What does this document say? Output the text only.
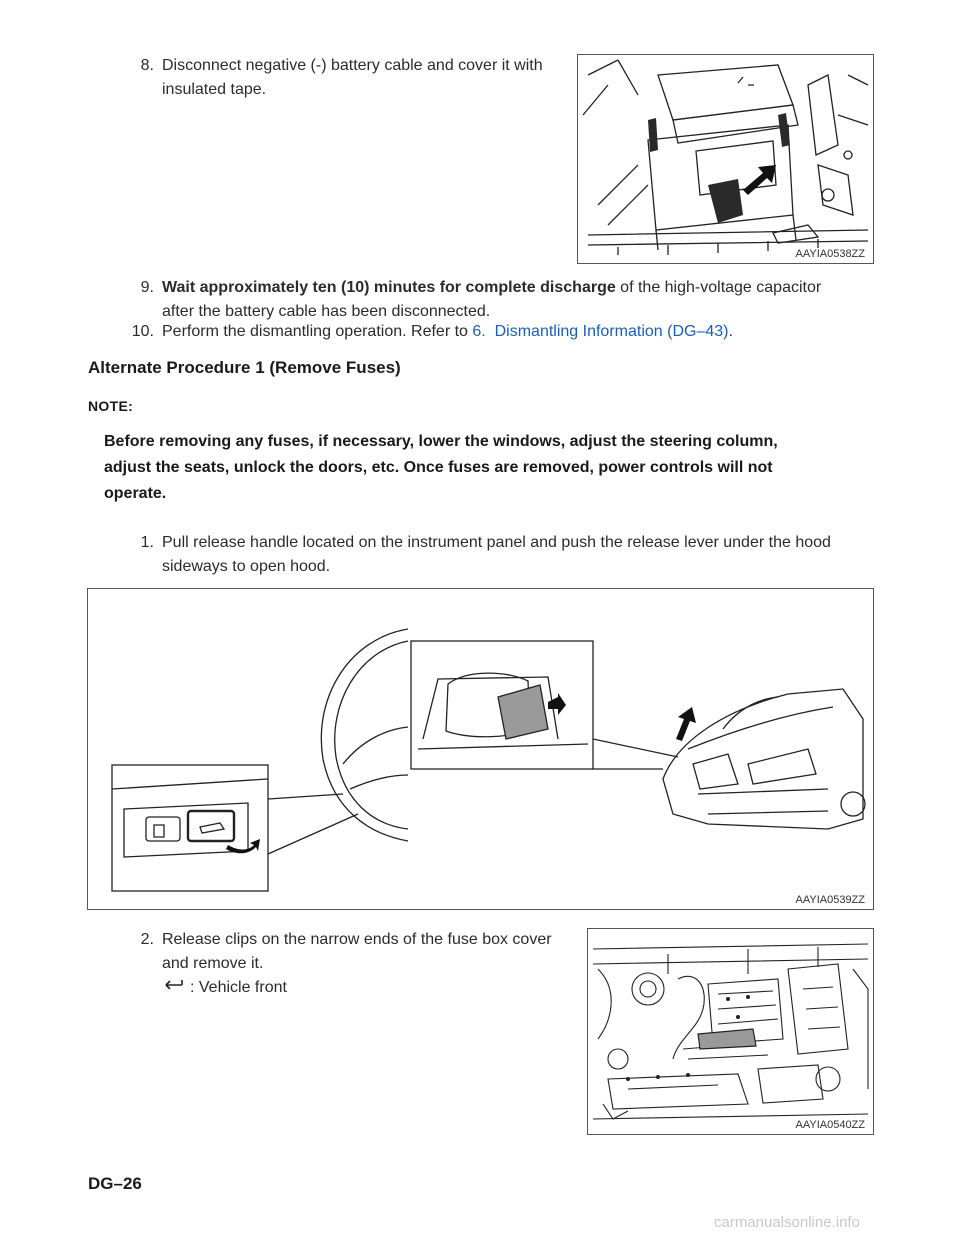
8. Disconnect negative (-) battery cable and cover it with
insulated tape.
AAYIA0538ZZ
9. Wait approximately ten (10) minutes for complete discharge of the high-voltage capacitor
after the battery cable has been disconnected.
10. Perform the dismantling operation. Refer to 6.  Dismantling Information (DG–43).
Alternate Procedure 1 (Remove Fuses)
NOTE:
Before removing any fuses, if necessary, lower the windows, adjust the steering column,
adjust the seats, unlock the doors, etc. Once fuses are removed, power controls will not
operate.
1. Pull release handle located on the instrument panel and push the release lever under the hood
sideways to open hood.
AAYIA0539ZZ
2. Release clips on the narrow ends of the fuse box cover
and remove it.
: Vehicle front
AAYIA0540ZZ
DG–26
carmanualsonline.info
